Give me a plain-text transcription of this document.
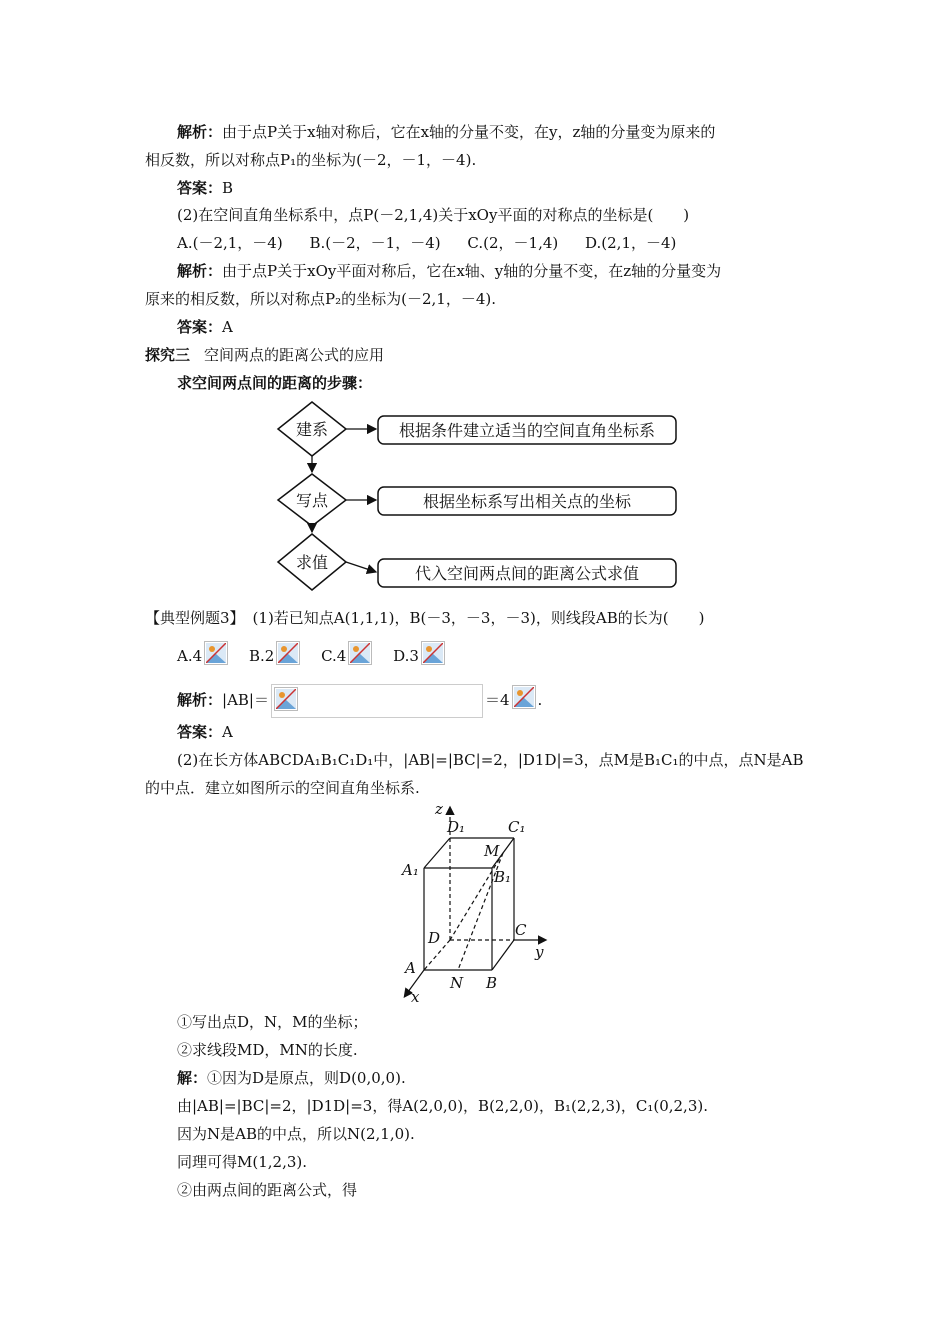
解析：由于点P关于x轴对称后，它在x轴的分量不变，在y，z轴的分量变为原来的
相反数，所以对称点P₁的坐标为(－2，－1，－4).
答案：B
(2)在空间直角坐标系中，点P(－2,1,4)关于xOy平面的对称点的坐标是(　　)
A.(－2,1，－4) B.(－2，－1，－4) C.(2，－1,4) D.(2,1，－4)
解析：由于点P关于xOy平面对称后，它在x轴、y轴的分量不变，在z轴的分量变为
原来的相反数，所以对称点P₂的坐标为(－2,1，－4).
答案：A
探究三 空间两点的距离公式的应用
求空间两点间的距离的步骤：
建系
写点
求值
根据条件建立适当的空间直角坐标系
根据坐标系写出相关点的坐标
代入空间两点间的距离公式求值
【典型例题3】 (1)若已知点A(1,1,1)，B(－3，－3，－3)，则线段AB的长为(　　)
A.4	B.2	C.4	D.3
解析：|AB|＝	＝4 .
答案：A
(2)在长方体ABCDA₁B₁C₁D₁中，|AB|=|BC|=2，|D1D|=3，点M是B₁C₁的中点，点N是AB
的中点．建立如图所示的空间直角坐标系.
z
D₁	C₁
M
A₁	B₁
D	C
y
A
N B
x
①写出点D，N，M的坐标；
②求线段MD，MN的长度.
解：①因为D是原点，则D(0,0,0).
由|AB|=|BC|=2，|D1D|=3，得A(2,0,0)，B(2,2,0)，B₁(2,2,3)，C₁(0,2,3).
因为N是AB的中点，所以N(2,1,0).
同理可得M(1,2,3).
②由两点间的距离公式，得
